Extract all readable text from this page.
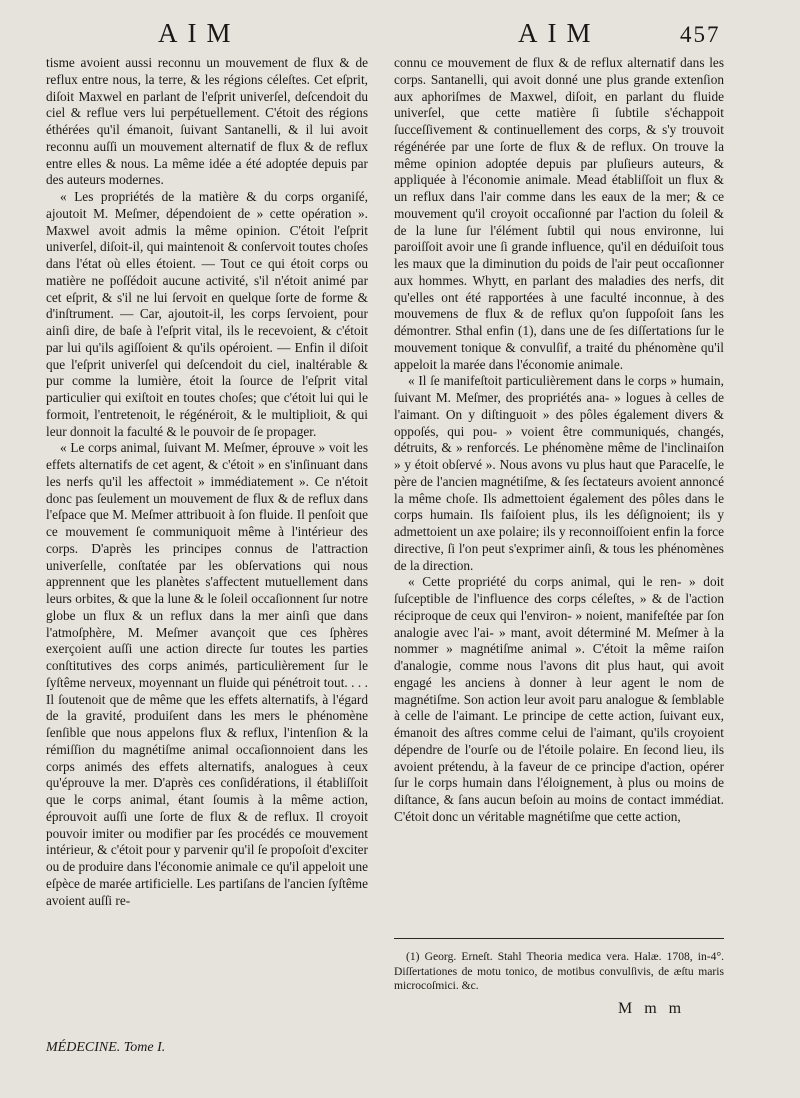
AIM	AIM	457

tisme avoient aussi reconnu un mouvement de flux & de reflux entre nous, la terre, & les régions céleſtes. Cet eſprit, diſoit Maxwel en parlant de l'eſprit univerſel, deſcendoit du ciel & reflue vers lui perpétuellement. C'étoit des régions éthérées qu'il émanoit, ſuivant Santanelli, & il lui avoit reconnu auſſi un mouvement alternatif de flux & de reflux entre elles & nous. La même idée a été adoptée depuis par des auteurs modernes.

« Les propriétés de la matière & du corps organiſé, ajoutoit M. Meſmer, dépendoient de » cette opération ». Maxwel avoit admis la même opinion. C'étoit l'eſprit univerſel, diſoit-il, qui maintenoit & conſervoit toutes choſes dans l'état où elles étoient. — Tout ce qui étoit corps ou matière ne poſſédoit aucune activité, s'il n'étoit animé par cet eſprit, & s'il ne lui ſervoit en quelque ſorte de forme & d'inſtrument. — Car, ajoutoit-il, les corps ſervoient, pour ainſi dire, de baſe à l'eſprit vital, ils le recevoient, & c'étoit par lui qu'ils agiſſoient & qu'ils opéroient. — Enfin il diſoit que l'eſprit univerſel qui deſcendoit du ciel, inaltérable & pur comme la lumière, étoit la ſource de l'eſprit vital particulier qui exiſtoit en toutes choſes; que c'étoit lui qui le formoit, l'entretenoit, le régénéroit, & le multiplioit, & qui leur donnoit la faculté & le pouvoir de ſe propager.

« Le corps animal, ſuivant M. Meſmer, éprouve » voit les effets alternatifs de cet agent, & c'étoit » en s'inſinuant dans les nerfs qu'il les affectoit » immédiatement ». Ce n'étoit donc pas ſeulement un mouvement de flux & de reflux dans l'eſpace que M. Meſmer attribuoit à ſon fluide. Il penſoit que ce mouvement ſe communiquoit même à l'intérieur des corps. D'après les principes connus de l'attraction univerſelle, conſtatée par les obſervations qui nous apprennent que les planètes s'affectent mutuellement dans leurs orbites, & que la lune & le ſoleil occaſionnent ſur notre globe un flux & un reflux dans la mer ainſi que dans l'atmoſphère, M. Meſmer avançoit que ces ſphères exerçoient auſſi une action directe ſur toutes les parties conſtitutives des corps animés, particulièrement ſur le ſyſtême nerveux, moyennant un fluide qui pénétroit tout. . . . Il ſoutenoit que de même que les effets alternatifs, à l'égard de la gravité, produiſent dans les mers le phénomène ſenſible que nous appelons flux & reflux, l'intenſion & la rémiſſion du magnétiſme animal occaſionnoient dans les corps animés des effets alternatifs, analogues à ceux qu'éprouve la mer. D'après ces conſidérations, il établiſſoit que le corps animal, étant ſoumis à la même action, éprouvoit auſſi une ſorte de flux & de reflux. Il croyoit pouvoir imiter ou modifier par ſes procédés ce mouvement intérieur, & c'étoit pour y parvenir qu'il ſe propoſoit d'exciter ou de produire dans l'économie animale ce qu'il appeloit une eſpèce de marée artificielle. Les partiſans de l'ancien ſyſtême avoient auſſi re-

connu ce mouvement de flux & de reflux alternatif dans les corps. Santanelli, qui avoit donné une plus grande extenſion aux aphoriſmes de Maxwel, diſoit, en parlant du fluide univerſel, que cette matière ſi ſubtile s'échappoit ſucceſſivement & continuellement des corps, & s'y trouvoit régénérée par une ſorte de flux & de reflux. On trouve la même opinion adoptée depuis par pluſieurs auteurs, & appliquée à l'économie animale. Mead établiſſoit un flux & un reflux dans l'air comme dans les eaux de la mer; & ce mouvement qu'il croyoit occaſionné par l'action du ſoleil & de la lune ſur l'élément ſubtil qui nous environne, lui paroiſſoit avoir une ſi grande influence, qu'il en déduiſoit tous les maux que la diminution du poids de l'air peut occaſionner aux hommes. Whytt, en parlant des maladies des nerfs, dit qu'elles ont été rapportées à une faculté inconnue, à des mouvemens de flux & de reflux qu'on ſuppoſoit ſans les démontrer. Sthal enfin (1), dans une de ſes diſſertations ſur le mouvement tonique & convulſif, a traité du phénomène qu'il appeloit la marée dans l'économie animale.

« Il ſe manifeſtoit particulièrement dans le corps » humain, ſuivant M. Meſmer, des propriétés ana- » logues à celles de l'aimant. On y diſtinguoit » des pôles également divers & oppoſés, qui pou- » voient être communiqués, changés, détruits, & » renforcés. Le phénomène même de l'inclinaiſon » y étoit obſervé ». Nous avons vu plus haut que Paracelſe, le père de l'ancien magnétiſme, & ſes ſectateurs avoient annoncé la même choſe. Ils admettoient également des pôles dans le corps humain. Ils faiſoient plus, ils les déſignoient; ils y admettoient un axe polaire; ils y reconnoiſſoient enfin la force directive, ſi l'on peut s'exprimer ainſi, & tous les phénomènes de la direction.

« Cette propriété du corps animal, qui le ren- » doit ſuſceptible de l'influence des corps céleſtes, » & de l'action réciproque de ceux qui l'environ- » noient, manifeſtée par ſon analogie avec l'ai- » mant, avoit déterminé M. Meſmer à la nommer » magnétiſme animal ». C'étoit la même raiſon d'analogie, comme nous l'avons dit plus haut, qui avoit engagé les anciens à donner à leur agent le nom de magnétiſme. Son action leur avoit paru analogue & ſemblable à celle de l'aimant. Le principe de cette action, ſuivant eux, émanoit des aſtres comme celui de l'aimant, qu'ils croyoient dépendre de l'ourſe ou de l'étoile polaire. En ſecond lieu, ils avoient prétendu, à la faveur de ce principe d'action, opérer ſur le corps humain dans l'éloignement, à plus ou moins de diſtance, & ſans aucun beſoin au moins de contact immédiat. C'étoit donc un véritable magnétiſme que cette action,

(1) Georg. Erneſt. Stahl Theoria medica vera. Halæ. 1708, in-4°. Diſſertationes de motu tonico, de motibus convulſivis, de æſtu maris microcoſmici. &c.
M m m
MÉDECINE. Tome I.
